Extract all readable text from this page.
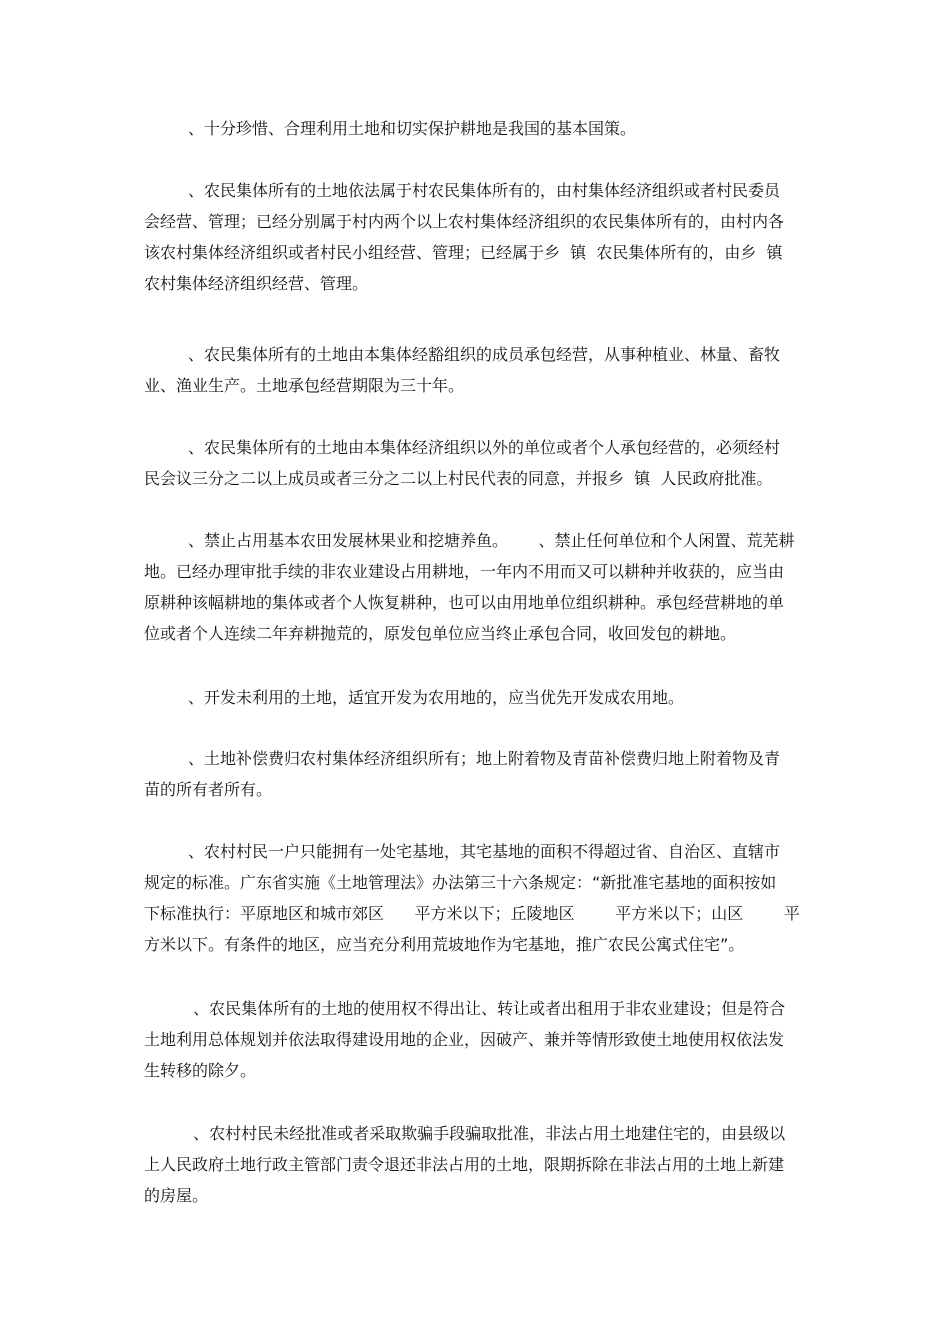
、十分珍惜、合理利用土地和切实保护耕地是我国的基本国策。
、农民集体所有的土地依法属于村农民集体所有的，由村集体经济组织或者村民委员
会经营、管理；已经分别属于村内两个以上农村集体经济组织的农民集体所有的，由村内各
该农村集体经济组织或者村民小组经营、管理；已经属于乡  镇  农民集体所有的，由乡  镇
农村集体经济组织经营、管理。
、农民集体所有的土地由本集体经豁组织的成员承包经营，从事种植业、林量、畜牧
业、渔业生产。土地承包经营期限为三十年。
、农民集体所有的土地由本集体经济组织以外的单位或者个人承包经营的，必须经村
民会议三分之二以上成员或者三分之二以上村民代表的同意，并报乡  镇  人民政府批准。
、禁止占用基本农田发展林果业和挖塘养鱼。      、禁止任何单位和个人闲置、荒芜耕
地。已经办理审批手续的非农业建设占用耕地，一年内不用而又可以耕种并收获的，应当由
原耕种该幅耕地的集体或者个人恢复耕种，也可以由用地单位组织耕种。承包经营耕地的单
位或者个人连续二年弃耕抛荒的，原发包单位应当终止承包合同，收回发包的耕地。
、开发未利用的土地，适宜开发为农用地的，应当优先开发成农用地。
、土地补偿费归农村集体经济组织所有；地上附着物及青苗补偿费归地上附着物及青
苗的所有者所有。
、农村村民一户只能拥有一处宅基地，其宅基地的面积不得超过省、自治区、直辖市
规定的标准。广东省实施《土地管理法》办法第三十六条规定：“新批准宅基地的面积按如
下标准执行：平原地区和城市郊区      平方米以下；丘陵地区        平方米以下；山区        平
方米以下。有条件的地区，应当充分利用荒坡地作为宅基地，推广农民公寓式住宅”。
、农民集体所有的土地的使用权不得出让、转让或者出租用于非农业建设；但是符合
土地利用总体规划并依法取得建设用地的企业，因破产、兼并等情形致使土地使用权依法发
生转移的除夕。
、农村村民未经批准或者采取欺骗手段骗取批准，非法占用土地建住宅的，由县级以
上人民政府土地行政主管部门责令退还非法占用的土地，限期拆除在非法占用的土地上新建
的房屋。
